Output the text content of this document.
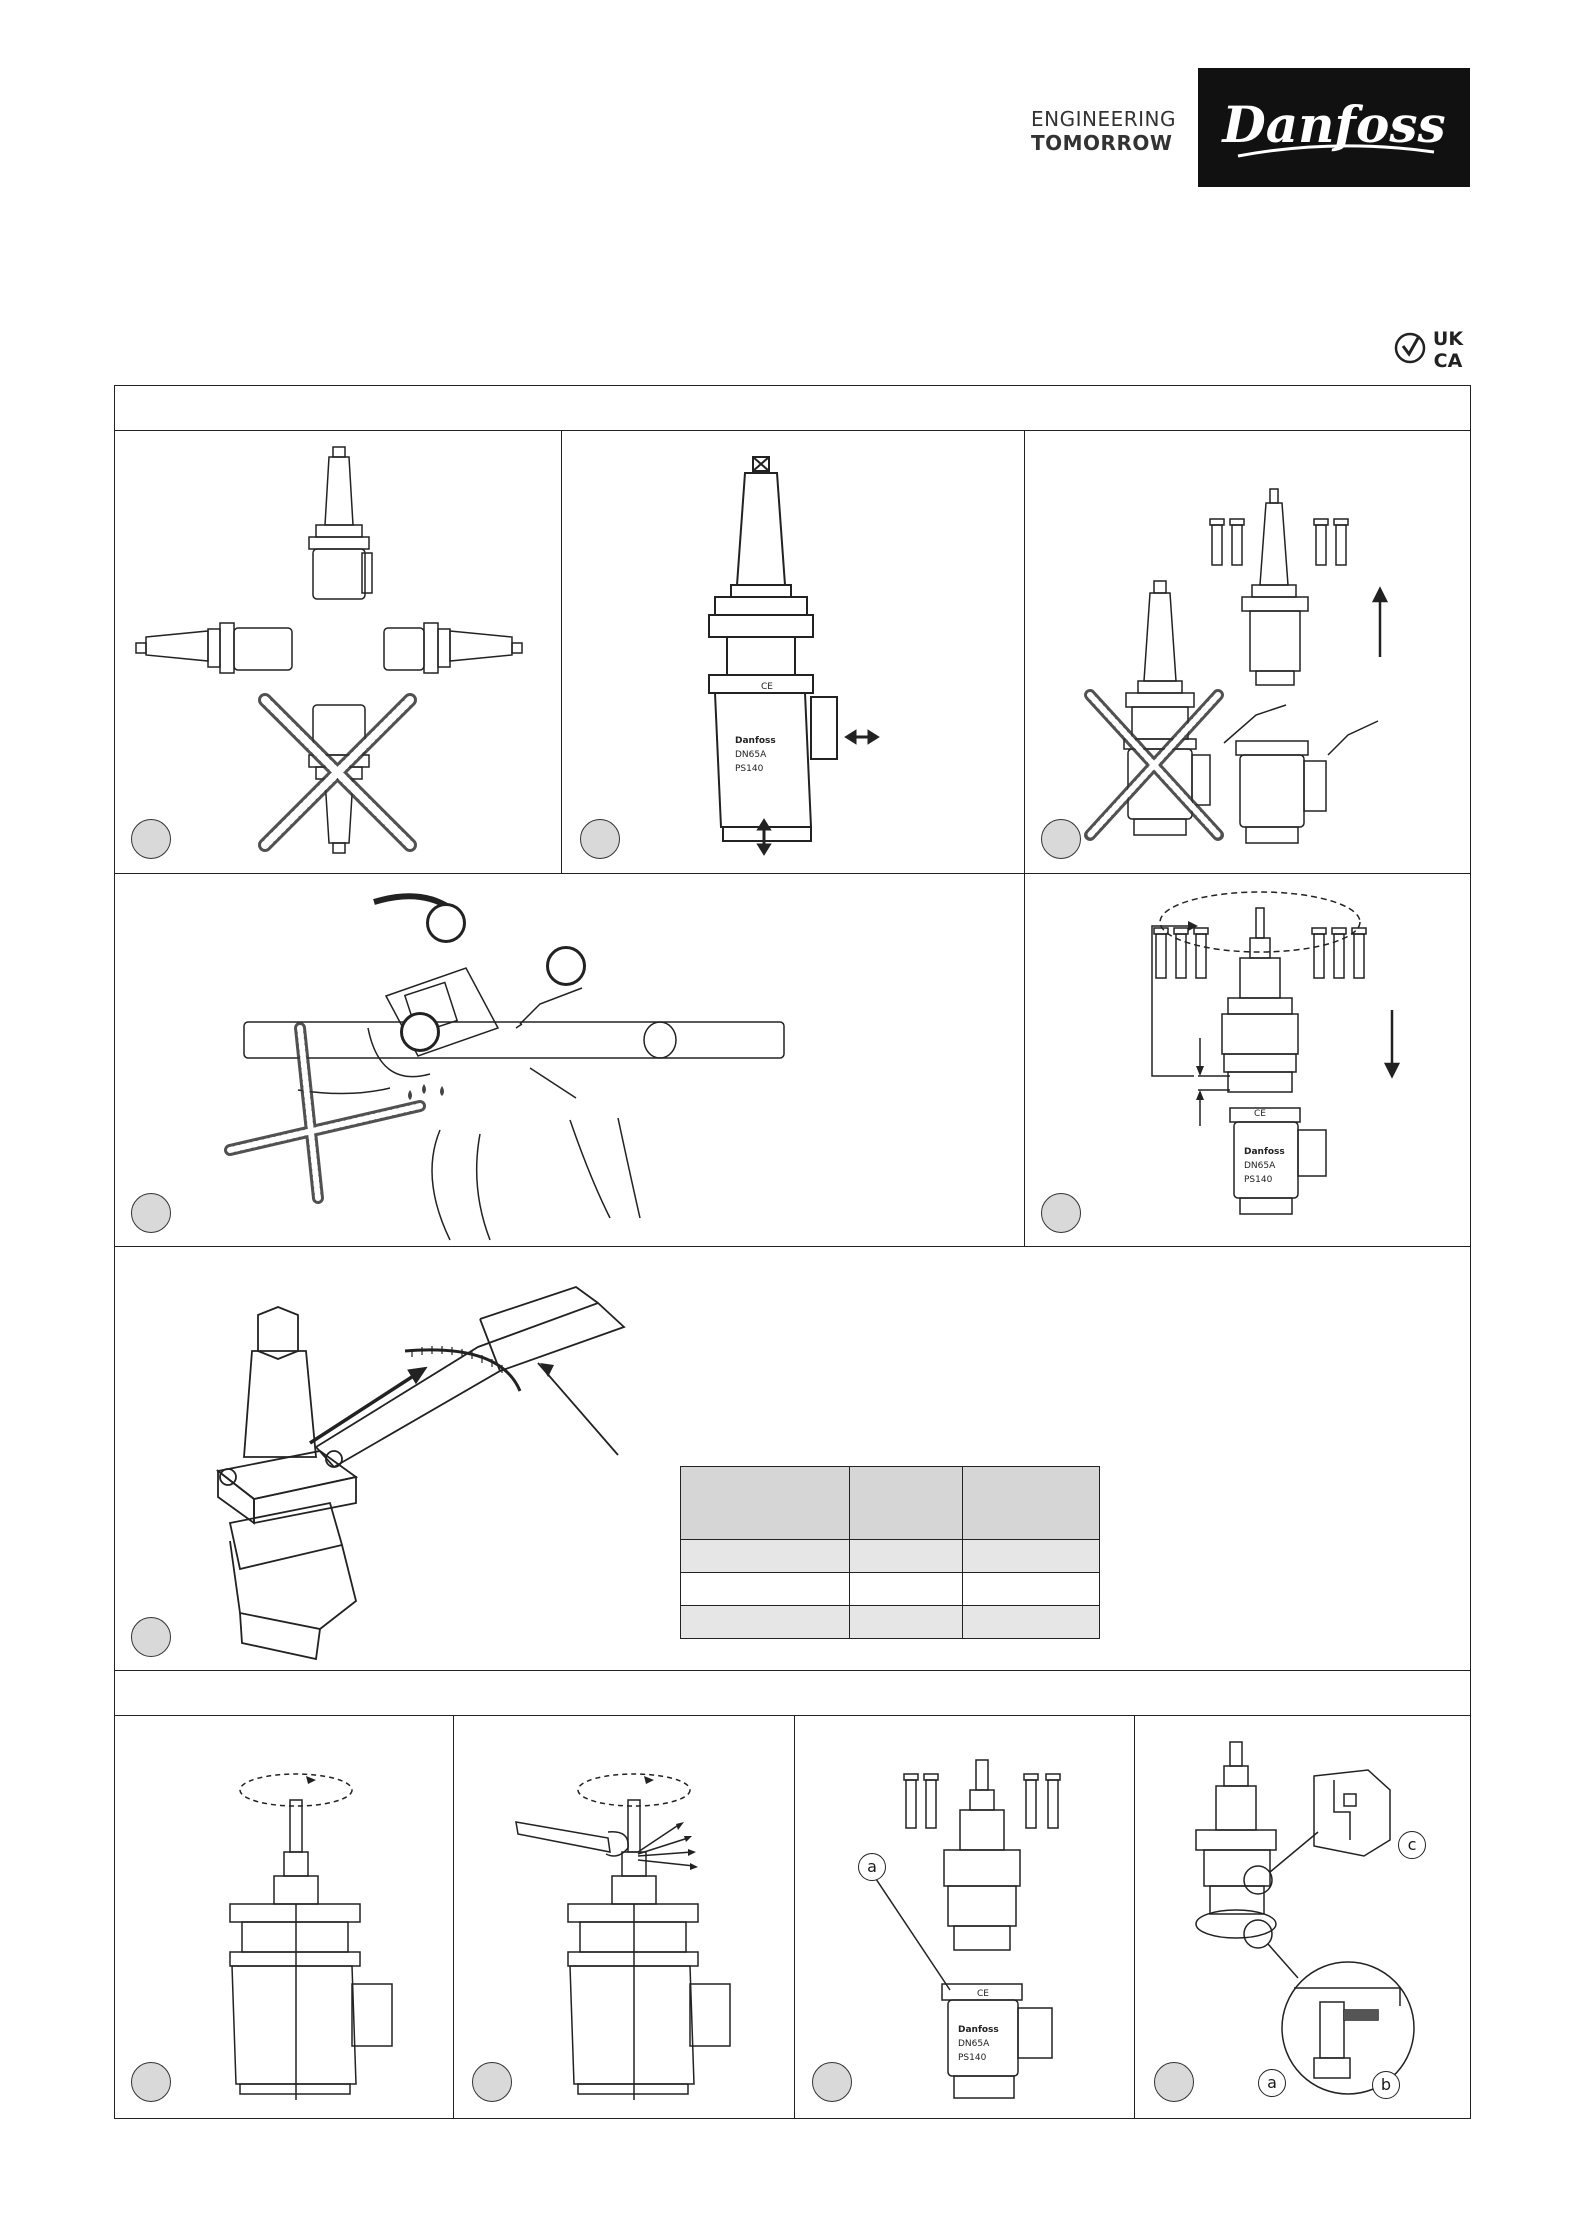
ENGINEERING
TOMORROW Danfoss
UK
CA
Danfoss
DN65A
PS140
CE
CE
Danfoss
DN65A
PS140

CE
Danfoss
DN65A
PS140
a
c
a	b
